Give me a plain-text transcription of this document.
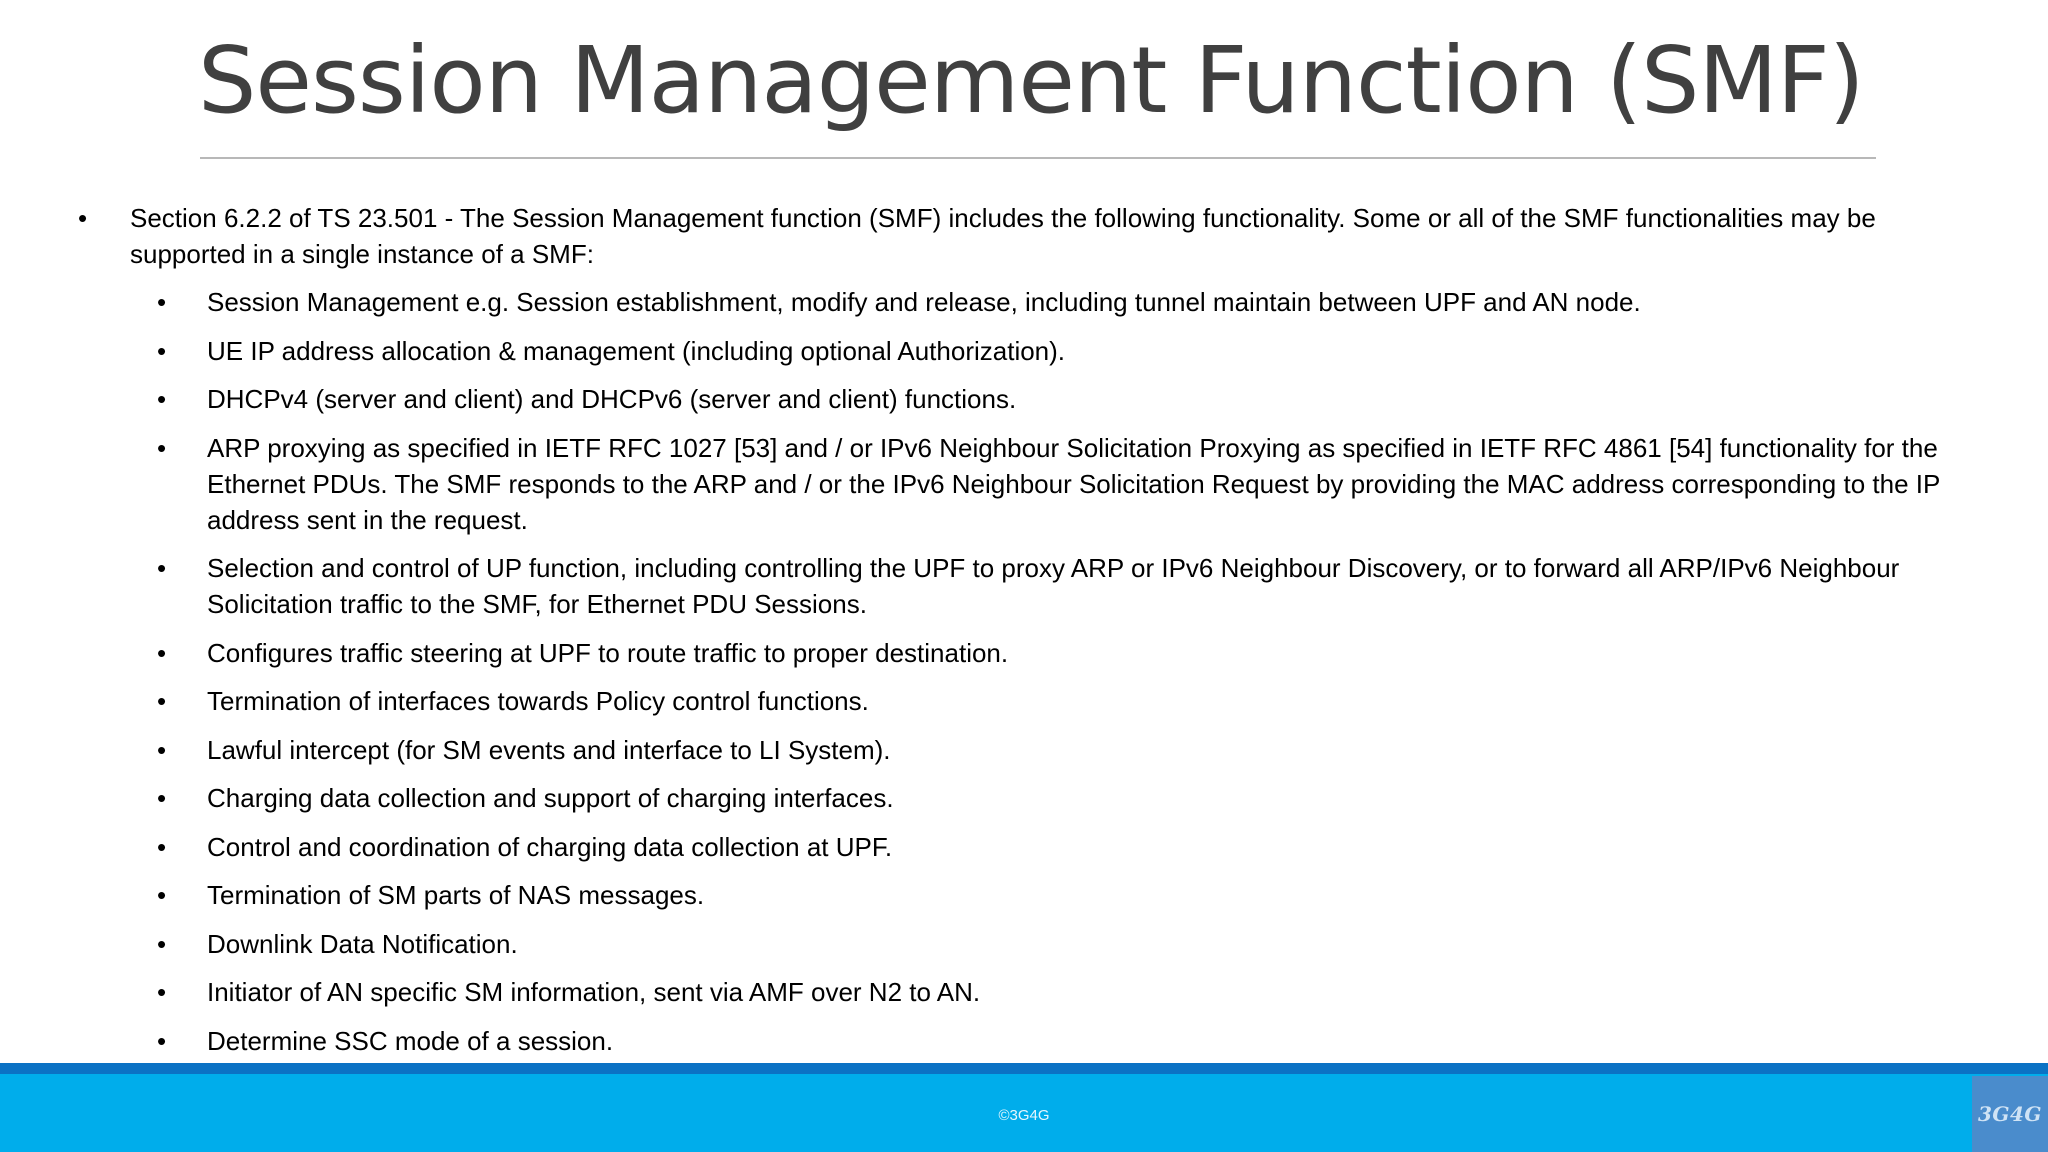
Session Management Function (SMF)
• Section 6.2.2 of TS 23.501 - The Session Management function (SMF) includes the following functionality. Some or all of the SMF functionalities may be supported in a single instance of a SMF:
• Session Management e.g. Session establishment, modify and release, including tunnel maintain between UPF and AN node.
• UE IP address allocation & management (including optional Authorization).
• DHCPv4 (server and client) and DHCPv6 (server and client) functions.
• ARP proxying as specified in IETF RFC 1027 [53] and / or IPv6 Neighbour Solicitation Proxying as specified in IETF RFC 4861 [54] functionality for the Ethernet PDUs. The SMF responds to the ARP and / or the IPv6 Neighbour Solicitation Request by providing the MAC address corresponding to the IP address sent in the request.
• Selection and control of UP function, including controlling the UPF to proxy ARP or IPv6 Neighbour Discovery, or to forward all ARP/IPv6 Neighbour Solicitation traffic to the SMF, for Ethernet PDU Sessions.
• Configures traffic steering at UPF to route traffic to proper destination.
• Termination of interfaces towards Policy control functions.
• Lawful intercept (for SM events and interface to LI System).
• Charging data collection and support of charging interfaces.
• Control and coordination of charging data collection at UPF.
• Termination of SM parts of NAS messages.
• Downlink Data Notification.
• Initiator of AN specific SM information, sent via AMF over N2 to AN.
• Determine SSC mode of a session.
©3G4G	3G4G
